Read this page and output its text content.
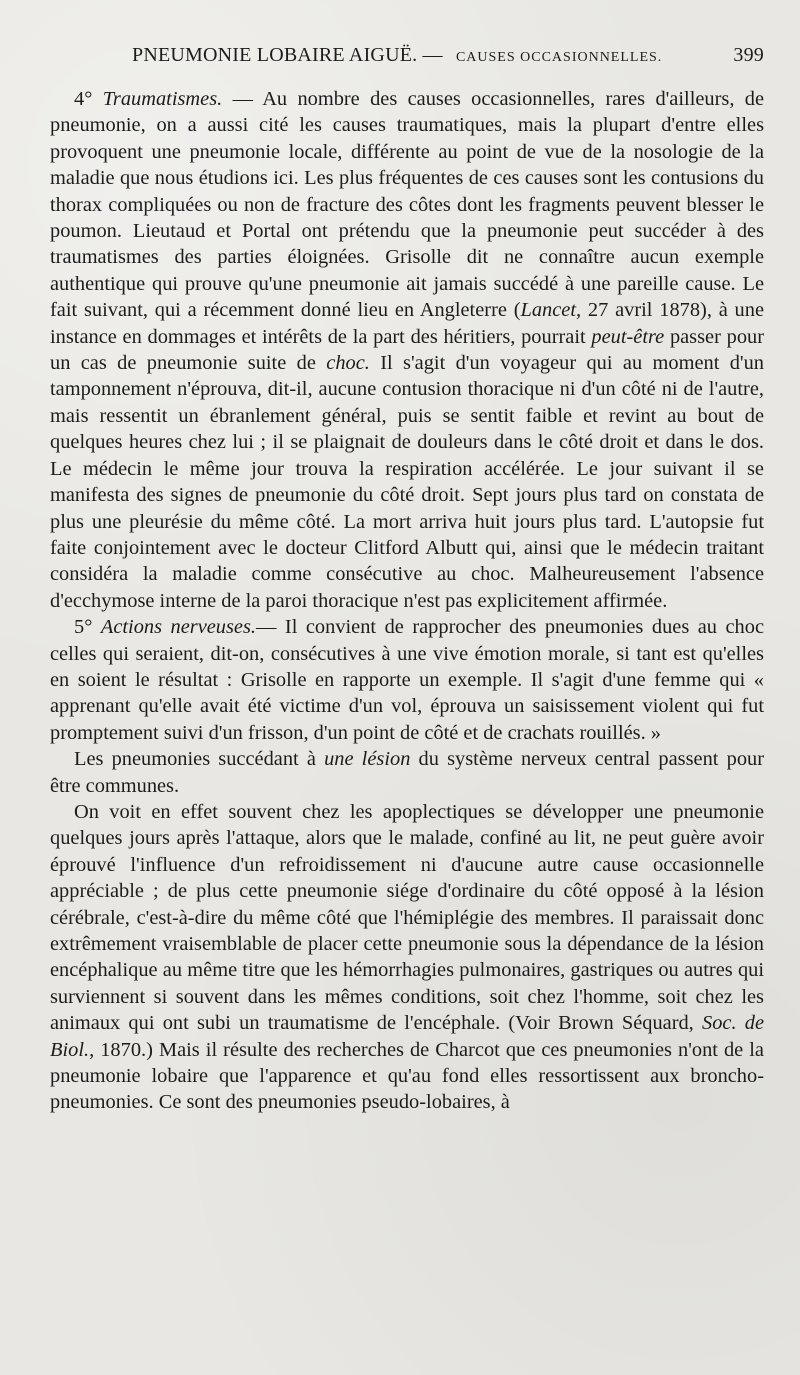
PNEUMONIE LOBAIRE AIGUË. — CAUSES OCCASIONNELLES.	399

4° Traumatismes. — Au nombre des causes occasionnelles, rares d'ailleurs, de pneumonie, on a aussi cité les causes traumatiques, mais la plupart d'entre elles provoquent une pneumonie locale, différente au point de vue de la nosologie de la maladie que nous étudions ici. Les plus fréquentes de ces causes sont les contusions du thorax compliquées ou non de fracture des côtes dont les fragments peuvent blesser le poumon. Lieutaud et Portal ont prétendu que la pneumonie peut succéder à des traumatismes des parties éloignées. Grisolle dit ne connaître aucun exemple authentique qui prouve qu'une pneumonie ait jamais succédé à une pareille cause. Le fait suivant, qui a récemment donné lieu en Angleterre (Lancet, 27 avril 1878), à une instance en dommages et intérêts de la part des héritiers, pourrait peut-être passer pour un cas de pneumonie suite de choc. Il s'agit d'un voyageur qui au moment d'un tamponnement n'éprouva, dit-il, aucune contusion thoracique ni d'un côté ni de l'autre, mais ressentit un ébranlement général, puis se sentit faible et revint au bout de quelques heures chez lui ; il se plaignait de douleurs dans le côté droit et dans le dos. Le médecin le même jour trouva la respiration accélérée. Le jour suivant il se manifesta des signes de pneumonie du côté droit. Sept jours plus tard on constata de plus une pleurésie du même côté. La mort arriva huit jours plus tard. L'autopsie fut faite conjointement avec le docteur Clitford Albutt qui, ainsi que le médecin traitant considéra la maladie comme consécutive au choc. Malheureusement l'absence d'ecchymose interne de la paroi thoracique n'est pas explicitement affirmée.

5° Actions nerveuses.— Il convient de rapprocher des pneumonies dues au choc celles qui seraient, dit-on, consécutives à une vive émotion morale, si tant est qu'elles en soient le résultat : Grisolle en rapporte un exemple. Il s'agit d'une femme qui « apprenant qu'elle avait été victime d'un vol, éprouva un saisissement violent qui fut promptement suivi d'un frisson, d'un point de côté et de crachats rouillés. »

Les pneumonies succédant à une lésion du système nerveux central passent pour être communes.

On voit en effet souvent chez les apoplectiques se développer une pneumonie quelques jours après l'attaque, alors que le malade, confiné au lit, ne peut guère avoir éprouvé l'influence d'un refroidissement ni d'aucune autre cause occasionnelle appréciable ; de plus cette pneumonie siége d'ordinaire du côté opposé à la lésion cérébrale, c'est-à-dire du même côté que l'hémiplégie des membres. Il paraissait donc extrêmement vraisemblable de placer cette pneumonie sous la dépendance de la lésion encéphalique au même titre que les hémorrhagies pulmonaires, gastriques ou autres qui surviennent si souvent dans les mêmes conditions, soit chez l'homme, soit chez les animaux qui ont subi un traumatisme de l'encéphale. (Voir Brown Séquard, Soc. de Biol., 1870.) Mais il résulte des recherches de Charcot que ces pneumonies n'ont de la pneumonie lobaire que l'apparence et qu'au fond elles ressortissent aux broncho-pneumonies. Ce sont des pneumonies pseudo-lobaires, à
